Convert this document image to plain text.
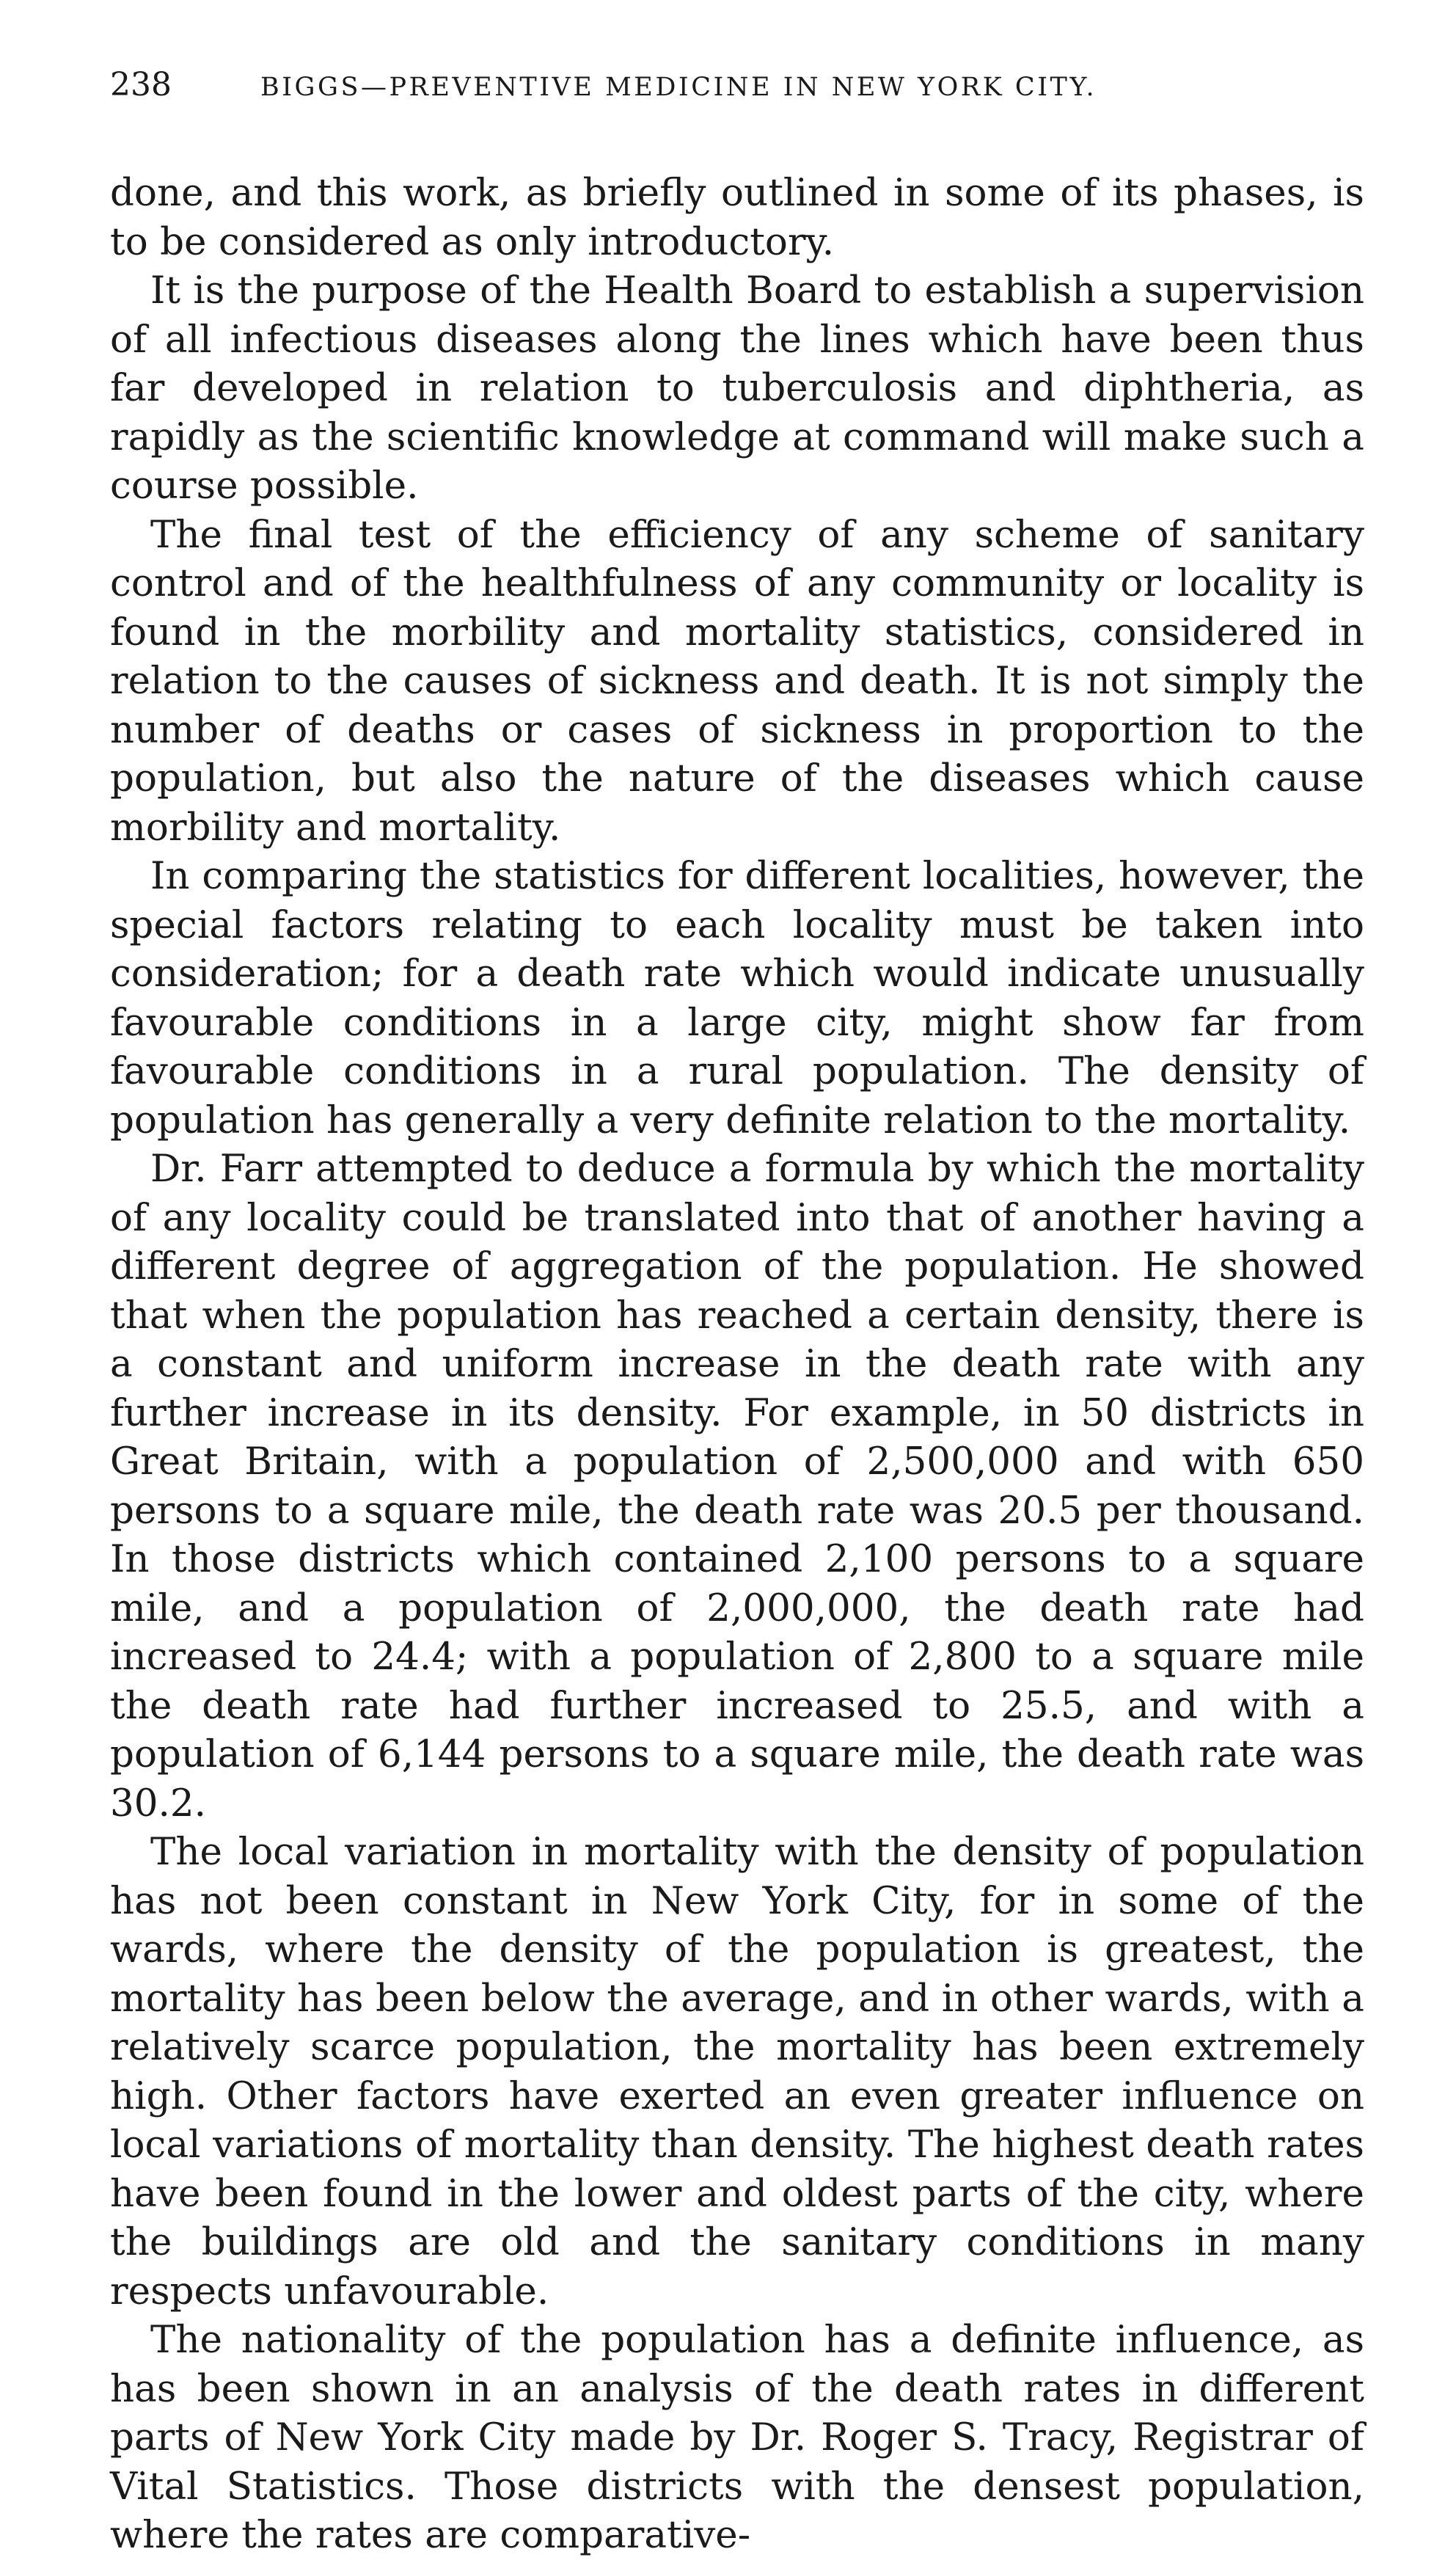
238	BIGGS—PREVENTIVE MEDICINE IN NEW YORK CITY.

done, and this work, as briefly outlined in some of its phases, is to be considered as only introductory.

It is the purpose of the Health Board to establish a supervision of all infectious diseases along the lines which have been thus far developed in relation to tuberculosis and diphtheria, as rapidly as the scientific knowledge at command will make such a course possible.

The final test of the efficiency of any scheme of sanitary control and of the healthfulness of any community or locality is found in the morbility and mortality statistics, considered in relation to the causes of sickness and death. It is not simply the number of deaths or cases of sickness in proportion to the population, but also the nature of the diseases which cause morbility and mortality.

In comparing the statistics for different localities, however, the special factors relating to each locality must be taken into consideration; for a death rate which would indicate unusually favourable conditions in a large city, might show far from favourable conditions in a rural population. The density of population has generally a very definite relation to the mortality.

Dr. Farr attempted to deduce a formula by which the mortality of any locality could be translated into that of another having a different degree of aggregation of the population. He showed that when the population has reached a certain density, there is a constant and uniform increase in the death rate with any further increase in its density. For example, in 50 districts in Great Britain, with a population of 2,500,000 and with 650 persons to a square mile, the death rate was 20.5 per thousand. In those districts which contained 2,100 persons to a square mile, and a population of 2,000,000, the death rate had increased to 24.4; with a population of 2,800 to a square mile the death rate had further increased to 25.5, and with a population of 6,144 persons to a square mile, the death rate was 30.2.

The local variation in mortality with the density of population has not been constant in New York City, for in some of the wards, where the density of the population is greatest, the mortality has been below the average, and in other wards, with a relatively scarce population, the mortality has been extremely high. Other factors have exerted an even greater influence on local variations of mortality than density. The highest death rates have been found in the lower and oldest parts of the city, where the buildings are old and the sanitary conditions in many respects unfavourable.

The nationality of the population has a definite influence, as has been shown in an analysis of the death rates in different parts of New York City made by Dr. Roger S. Tracy, Registrar of Vital Statistics. Those districts with the densest population, where the rates are comparative-
